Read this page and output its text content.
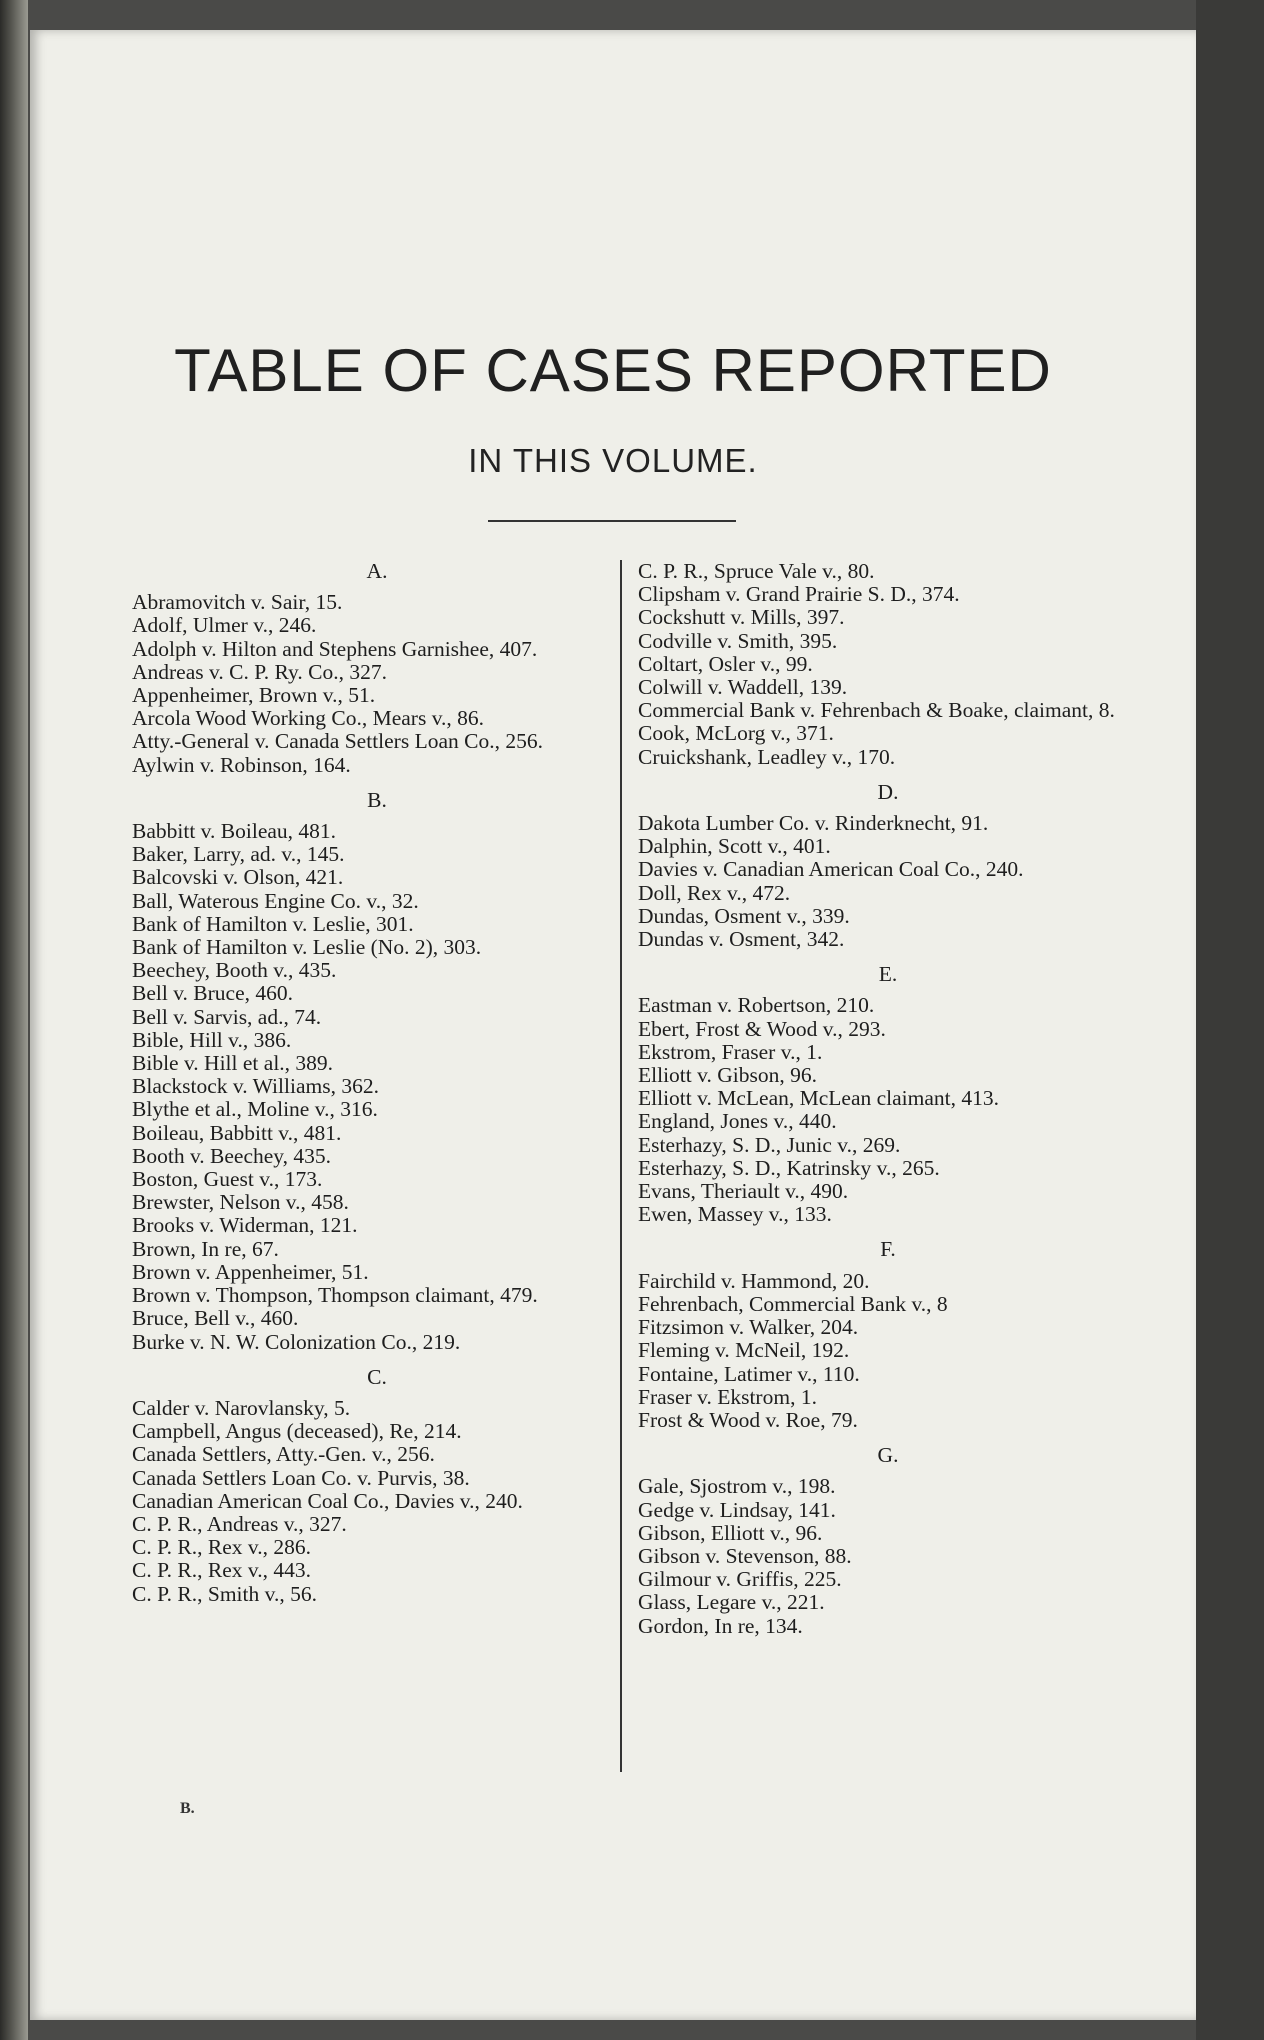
TABLE OF CASES REPORTED
IN THIS VOLUME.
A.
Abramovitch v. Sair, 15.
Adolf, Ulmer v., 246.
Adolph v. Hilton and Stephens Garnishee, 407.
Andreas v. C. P. Ry. Co., 327.
Appenheimer, Brown v., 51.
Arcola Wood Working Co., Mears v., 86.
Atty.-General v. Canada Settlers Loan Co., 256.
Aylwin v. Robinson, 164.
B.
Babbitt v. Boileau, 481.
Baker, Larry, ad. v., 145.
Balcovski v. Olson, 421.
Ball, Waterous Engine Co. v., 32.
Bank of Hamilton v. Leslie, 301.
Bank of Hamilton v. Leslie (No. 2), 303.
Beechey, Booth v., 435.
Bell v. Bruce, 460.
Bell v. Sarvis, ad., 74.
Bible, Hill v., 386.
Bible v. Hill et al., 389.
Blackstock v. Williams, 362.
Blythe et al., Moline v., 316.
Boileau, Babbitt v., 481.
Booth v. Beechey, 435.
Boston, Guest v., 173.
Brewster, Nelson v., 458.
Brooks v. Widerman, 121.
Brown, In re, 67.
Brown v. Appenheimer, 51.
Brown v. Thompson, Thompson claimant, 479.
Bruce, Bell v., 460.
Burke v. N. W. Colonization Co., 219.
C.
Calder v. Narovlansky, 5.
Campbell, Angus (deceased), Re, 214.
Canada Settlers, Atty.-Gen. v., 256.
Canada Settlers Loan Co. v. Purvis, 38.
Canadian American Coal Co., Davies v., 240.
C. P. R., Andreas v., 327.
C. P. R., Rex v., 286.
C. P. R., Rex v., 443.
C. P. R., Smith v., 56.
C. P. R., Spruce Vale v., 80.
Clipsham v. Grand Prairie S. D., 374.
Cockshutt v. Mills, 397.
Codville v. Smith, 395.
Coltart, Osler v., 99.
Colwill v. Waddell, 139.
Commercial Bank v. Fehrenbach & Boake, claimant, 8.
Cook, McLorg v., 371.
Cruickshank, Leadley v., 170.
D.
Dakota Lumber Co. v. Rinderknecht, 91.
Dalphin, Scott v., 401.
Davies v. Canadian American Coal Co., 240.
Doll, Rex v., 472.
Dundas, Osment v., 339.
Dundas v. Osment, 342.
E.
Eastman v. Robertson, 210.
Ebert, Frost & Wood v., 293.
Ekstrom, Fraser v., 1.
Elliott v. Gibson, 96.
Elliott v. McLean, McLean claimant, 413.
England, Jones v., 440.
Esterhazy, S. D., Junic v., 269.
Esterhazy, S. D., Katrinsky v., 265.
Evans, Theriault v., 490.
Ewen, Massey v., 133.
F.
Fairchild v. Hammond, 20.
Fehrenbach, Commercial Bank v., 8
Fitzsimon v. Walker, 204.
Fleming v. McNeil, 192.
Fontaine, Latimer v., 110.
Fraser v. Ekstrom, 1.
Frost & Wood v. Roe, 79.
G.
Gale, Sjostrom v., 198.
Gedge v. Lindsay, 141.
Gibson, Elliott v., 96.
Gibson v. Stevenson, 88.
Gilmour v. Griffis, 225.
Glass, Legare v., 221.
Gordon, In re, 134.
B.
